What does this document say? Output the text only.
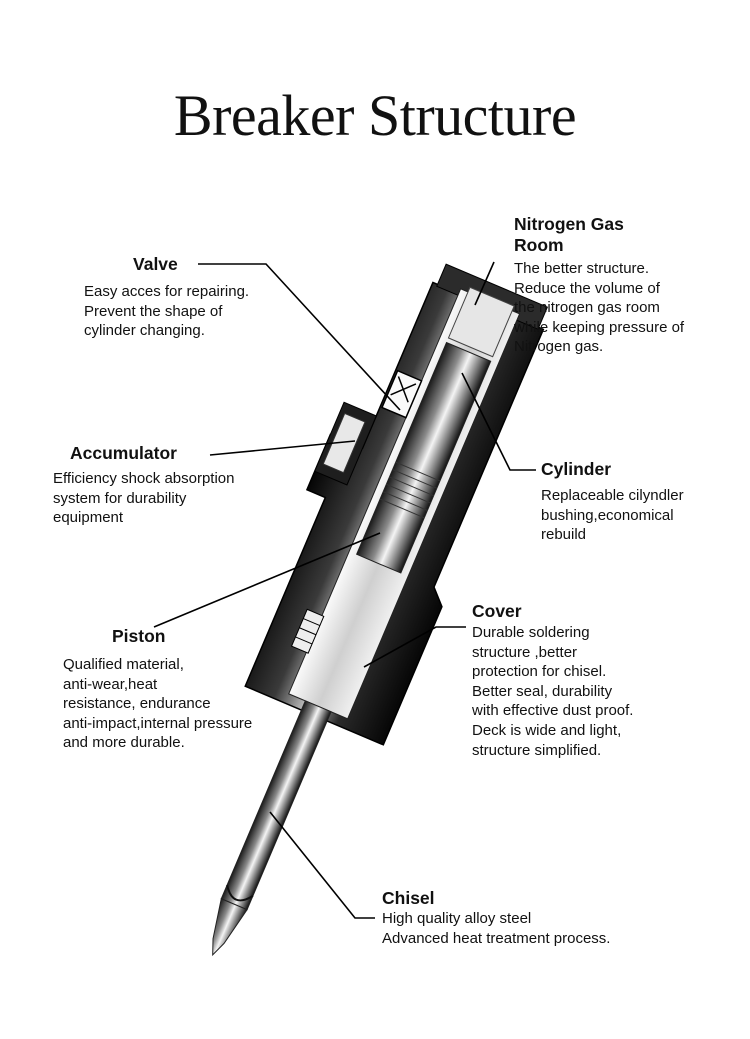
Breaker Structure
Valve
Easy acces for repairing.
Prevent the shape of
cylinder changing.
Nitrogen Gas
Room
The better structure.
Reduce the volume of
the nitrogen gas room
while keeping pressure of
Nitrogen gas.
Accumulator
Efficiency shock absorption
system for durability
equipment
Cylinder
Replaceable cilyndler
bushing,economical
rebuild
Cover
Durable soldering
structure ,better
protection for chisel.
Better seal, durability
with effective dust proof.
Deck is wide and light,
structure simplified.
Piston
Qualified material,
anti-wear,heat
resistance, endurance
anti-impact,internal pressure
and more durable.
Chisel
High quality alloy steel
Advanced heat treatment process.
